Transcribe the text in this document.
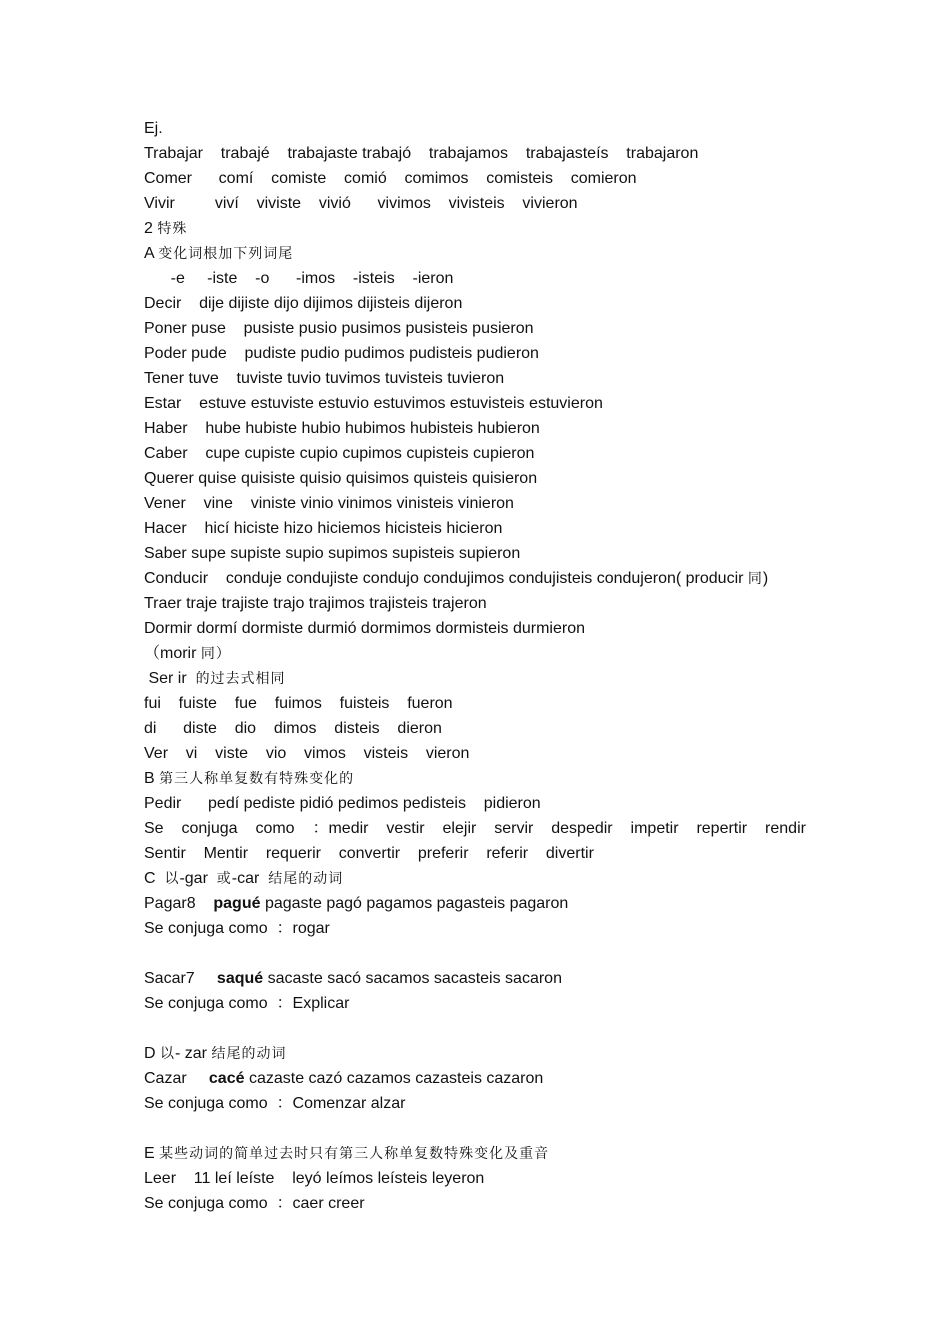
Ej.

Trabajar    trabajé    trabajaste trabajó    trabajamos    trabajasteís    trabajaron

Comer      comí    comiste    comió    comimos    comisteis    comieron

Vivir         viví    viviste    vivió      vivimos    vivisteis    vivieron

2 特殊

A 变化词根加下列词尾

-e     -iste    -o      -imos    -isteis    -ieron

Decir    dije dijiste dijo dijimos dijisteis dijeron

Poner puse    pusiste pusio pusimos pusisteis pusieron

Poder pude    pudiste pudio pudimos pudisteis pudieron

Tener tuve    tuviste tuvio tuvimos tuvisteis tuvieron

Estar    estuve estuviste estuvio estuvimos estuvisteis estuvieron

Haber    hube hubiste hubio hubimos hubisteis hubieron

Caber    cupe cupiste cupio cupimos cupisteis cupieron

Querer quise quisiste quisio quisimos quisteis quisieron

Vener    vine    viniste vinio vinimos vinisteis vinieron

Hacer    hicí hiciste hizo hiciemos hicisteis hicieron

Saber supe supiste supio supimos supisteis supieron

Conducir    conduje condujiste condujo condujimos condujisteis condujeron( producir 同)

Traer traje trajiste trajo trajimos trajisteis trajeron

Dormir dormí dormiste durmió dormimos dormisteis durmieron

（morir 同）

Ser ir  的过去式相同

fui    fuiste    fue    fuimos    fuisteis    fueron

di      diste    dio    dimos    disteis    dieron

Ver    vi    viste    vio    vimos    visteis    vieron

B 第三人称单复数有特殊变化的

Pedir      pedí pediste pidió pedimos pedisteis    pidieron

Se conjuga como ：medir vestir elejir servir despedir impetir repertir rendir

Sentir    Mentir    requerir    convertir    preferir    referir    divertir

C  以-gar  或-car  结尾的动词

Pagar8    pagué pagaste pagó pagamos pagasteis pagaron

Se conjuga como  ：rogar

Sacar7     saqué sacaste sacó sacamos sacasteis sacaron

Se conjuga como  ：Explicar

D 以- zar 结尾的动词

Cazar     cacé cazaste cazó cazamos cazasteis cazaron

Se conjuga como  ：Comenzar alzar

E 某些动词的简单过去时只有第三人称单复数特殊变化及重音

Leer    11 leí leíste    leyó leímos leísteis leyeron

Se conjuga como  ：caer creer
